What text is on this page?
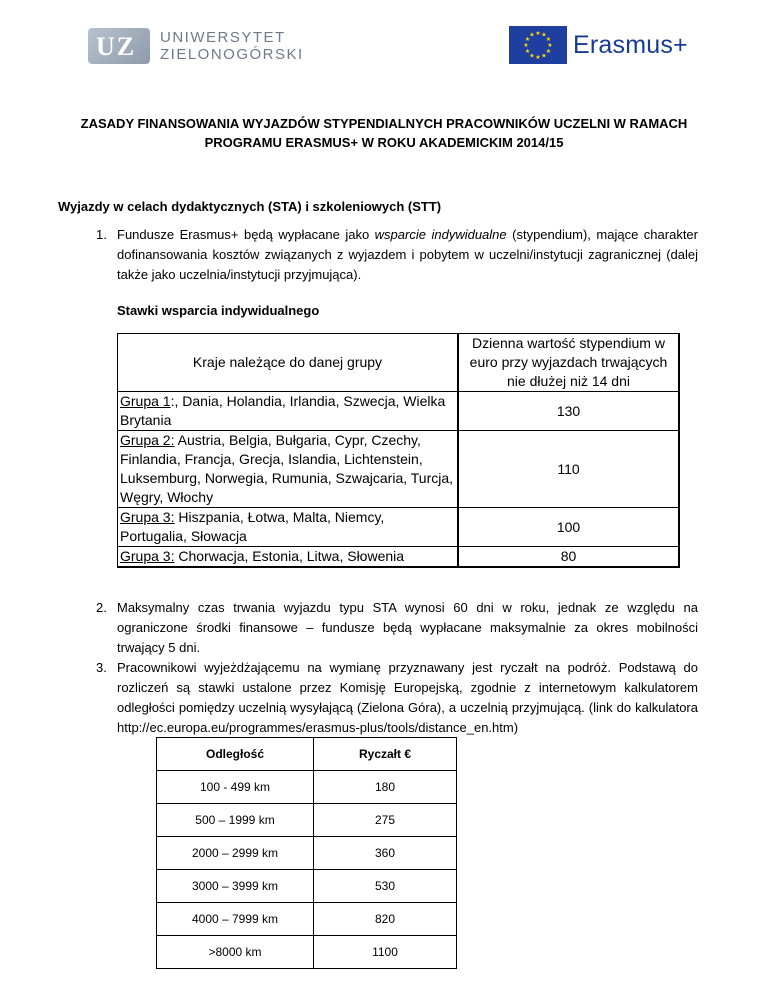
UZ UNIWERSYTET
ZIELONOGÓRSKI	★
★
★
★
★
★
★
★
★ ★ ★
★ Erasmus+
ZASADY FINANSOWANIA WYJAZDÓW STYPENDIALNYCH PRACOWNIKÓW UCZELNI W RAMACH
PROGRAMU ERASMUS+ W ROKU AKADEMICKIM 2014/15
Wyjazdy w celach dydaktycznych (STA) i szkoleniowych (STT)
1. Fundusze Erasmus+ będą wypłacane jako wsparcie indywidualne (stypendium), mające charakter dofinansowania kosztów związanych z wyjazdem i pobytem w uczelni/instytucji zagranicznej (dalej także jako uczelnia/instytucji przyjmująca).
Stawki wsparcia indywidualnego
Kraje należące do danej grupy	Dzienna wartość stypendium w euro przy wyjazdach trwających nie dłużej niż 14 dni
Grupa 1:, Dania, Holandia, Irlandia, Szwecja, Wielka Brytania	130
Grupa 2: Austria, Belgia, Bułgaria, Cypr, Czechy, Finlandia, Francja, Grecja, Islandia, Lichtenstein, Luksemburg, Norwegia, Rumunia, Szwajcaria, Turcja, Węgry, Włochy	110
Grupa 3: Hiszpania, Łotwa, Malta, Niemcy, Portugalia, Słowacja	100
Grupa 3: Chorwacja, Estonia, Litwa, Słowenia	80
2. Maksymalny czas trwania wyjazdu typu STA wynosi 60 dni w roku, jednak ze względu na ograniczone środki finansowe – fundusze będą wypłacane maksymalnie za okres mobilności trwający 5 dni.
3. Pracownikowi wyjeżdżającemu na wymianę przyznawany jest ryczałt na podróż. Podstawą do rozliczeń są stawki ustalone przez Komisję Europejską, zgodnie z internetowym kalkulatorem odległości pomiędzy uczelnią wysyłającą (Zielona Góra), a uczelnią przyjmującą. (link do kalkulatora http://ec.europa.eu/programmes/erasmus-plus/tools/distance_en.htm)
Odległość	Ryczałt €
100 - 499 km	180
500 – 1999 km	275
2000 – 2999 km	360
3000 – 3999 km	530
4000 – 7999 km	820
>8000 km	1100
